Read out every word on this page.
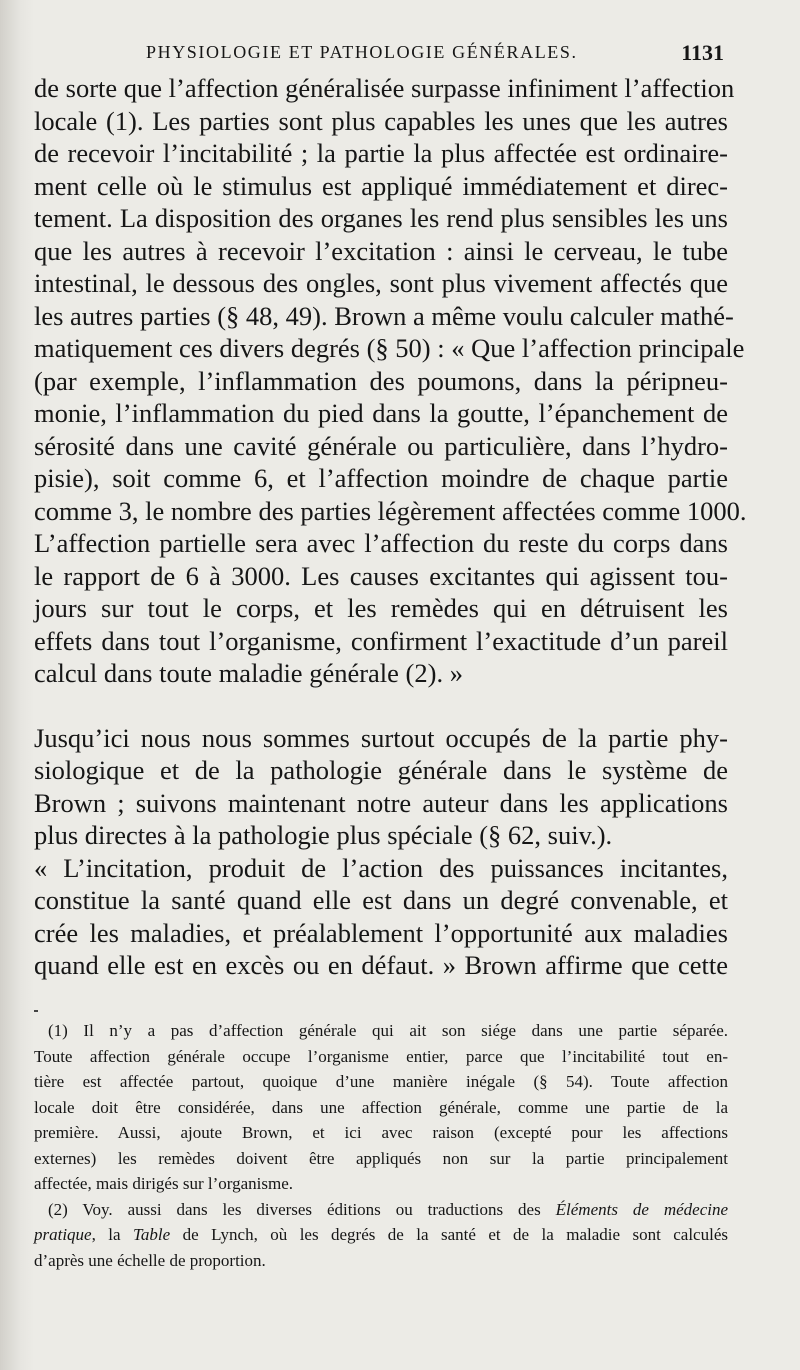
PHYSIOLOGIE ET PATHOLOGIE GÉNÉRALES.	1131
de sorte que l’affection généralisée surpasse infiniment l’affection
locale (1). Les parties sont plus capables les unes que les autres
de recevoir l’incitabilité ; la partie la plus affectée est ordinaire-
ment celle où le stimulus est appliqué immédiatement et direc-
tement. La disposition des organes les rend plus sensibles les uns
que les autres à recevoir l’excitation : ainsi le cerveau, le tube
intestinal, le dessous des ongles, sont plus vivement affectés que
les autres parties (§ 48, 49). Brown a même voulu calculer mathé-
matiquement ces divers degrés (§ 50) : « Que l’affection principale
(par exemple, l’inflammation des poumons, dans la péripneu-
monie, l’inflammation du pied dans la goutte, l’épanchement de
sérosité dans une cavité générale ou particulière, dans l’hydro-
pisie), soit comme 6, et l’affection moindre de chaque partie
comme 3, le nombre des parties légèrement affectées comme 1000.
L’affection partielle sera avec l’affection du reste du corps dans
le rapport de 6 à 3000. Les causes excitantes qui agissent tou-
jours sur tout le corps, et les remèdes qui en détruisent les
effets dans tout l’organisme, confirment l’exactitude d’un pareil
calcul dans toute maladie générale (2). »
Jusqu’ici nous nous sommes surtout occupés de la partie phy-
siologique et de la pathologie générale dans le système de
Brown ; suivons maintenant notre auteur dans les applications
plus directes à la pathologie plus spéciale (§ 62, suiv.).
« L’incitation, produit de l’action des puissances incitantes,
constitue la santé quand elle est dans un degré convenable, et
crée les maladies, et préalablement l’opportunité aux maladies
quand elle est en excès ou en défaut. » Brown affirme que cette
(1) Il n’y a pas d’affection générale qui ait son siége dans une partie séparée.
Toute affection générale occupe l’organisme entier, parce que l’incitabilité tout en-
tière est affectée partout, quoique d’une manière inégale (§ 54). Toute affection
locale doit être considérée, dans une affection générale, comme une partie de la
première. Aussi, ajoute Brown, et ici avec raison (excepté pour les affections
externes) les remèdes doivent être appliqués non sur la partie principalement
affectée, mais dirigés sur l’organisme.
(2) Voy. aussi dans les diverses éditions ou traductions des Éléments de médecine
pratique, la Table de Lynch, où les degrés de la santé et de la maladie sont calculés
d’après une échelle de proportion.
